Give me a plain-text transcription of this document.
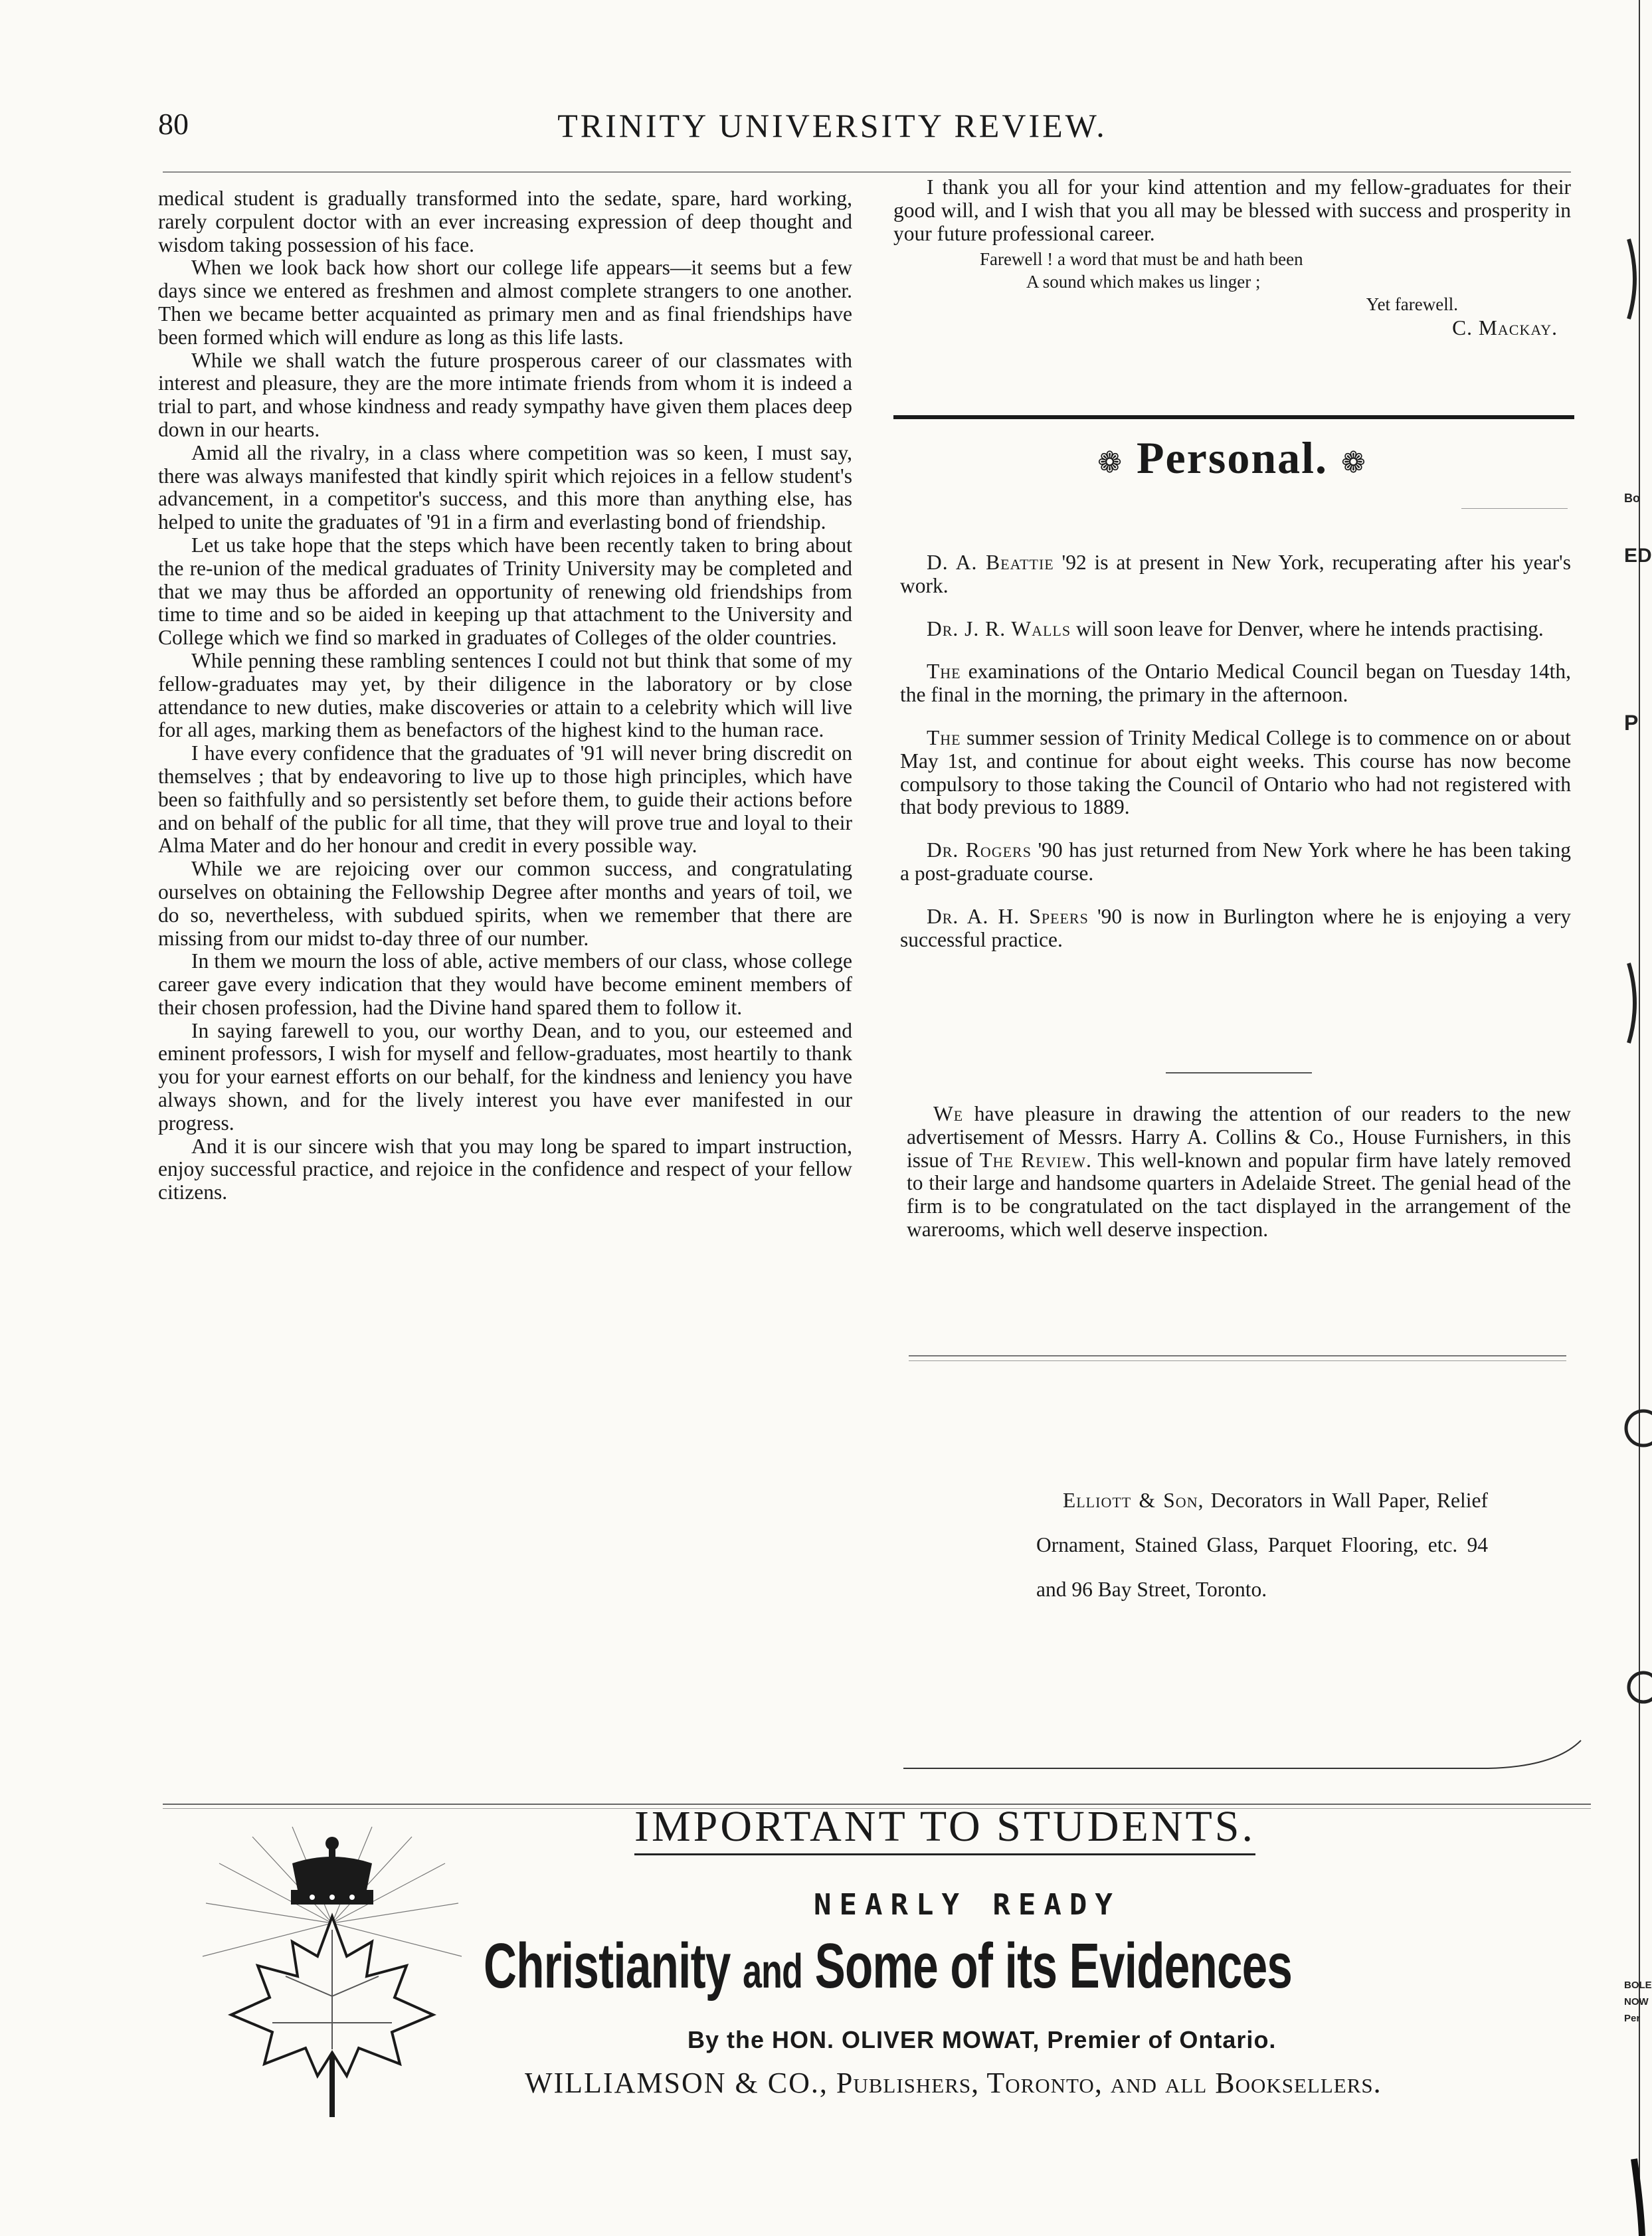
80	TRINITY UNIVERSITY REVIEW.

medical student is gradually transformed into the sedate, spare, hard working, rarely corpulent doctor with an ever increasing expression of deep thought and wisdom taking possession of his face.

When we look back how short our college life appears—it seems but a few days since we entered as freshmen and almost complete strangers to one another. Then we became better acquainted as primary men and as final friendships have been formed which will endure as long as this life lasts.

While we shall watch the future prosperous career of our classmates with interest and pleasure, they are the more intimate friends from whom it is indeed a trial to part, and whose kindness and ready sympathy have given them places deep down in our hearts.

Amid all the rivalry, in a class where competition was so keen, I must say, there was always manifested that kindly spirit which rejoices in a fellow student's advancement, in a competitor's success, and this more than anything else, has helped to unite the graduates of '91 in a firm and everlasting bond of friendship.

Let us take hope that the steps which have been recently taken to bring about the re-union of the medical graduates of Trinity University may be completed and that we may thus be afforded an opportunity of renewing old friendships from time to time and so be aided in keeping up that attachment to the University and College which we find so marked in graduates of Colleges of the older countries.

While penning these rambling sentences I could not but think that some of my fellow-graduates may yet, by their diligence in the laboratory or by close attendance to new duties, make discoveries or attain to a celebrity which will live for all ages, marking them as benefactors of the highest kind to the human race.

I have every confidence that the graduates of '91 will never bring discredit on themselves ; that by endeavoring to live up to those high principles, which have been so faithfully and so persistently set before them, to guide their actions before and on behalf of the public for all time, that they will prove true and loyal to their Alma Mater and do her honour and credit in every possible way.

While we are rejoicing over our common success, and congratulating ourselves on obtaining the Fellowship Degree after months and years of toil, we do so, nevertheless, with subdued spirits, when we remember that there are missing from our midst to-day three of our number.

In them we mourn the loss of able, active members of our class, whose college career gave every indication that they would have become eminent members of their chosen profession, had the Divine hand spared them to follow it.

In saying farewell to you, our worthy Dean, and to you, our esteemed and eminent professors, I wish for myself and fellow-graduates, most heartily to thank you for your earnest efforts on our behalf, for the kindness and leniency you have always shown, and for the lively interest you have ever manifested in our progress.

And it is our sincere wish that you may long be spared to impart instruction, enjoy successful practice, and rejoice in the confidence and respect of your fellow citizens.

I thank you all for your kind attention and my fellow-graduates for their good will, and I wish that you all may be blessed with success and prosperity in your future professional career.

Farewell ! a word that must be and hath been
A sound which makes us linger ;
Yet farewell.
C. Mackay.
❁ Personal. ❁

D. A. Beattie '92 is at present in New York, recuperating after his year's work.

Dr. J. R. Walls will soon leave for Denver, where he intends practising.

The examinations of the Ontario Medical Council began on Tuesday 14th, the final in the morning, the primary in the afternoon.

The summer session of Trinity Medical College is to commence on or about May 1st, and continue for about eight weeks. This course has now become compulsory to those taking the Council of Ontario who had not registered with that body previous to 1889.

Dr. Rogers '90 has just returned from New York where he has been taking a post-graduate course.

Dr. A. H. Speers '90 is now in Burlington where he is enjoying a very successful practice.

We have pleasure in drawing the attention of our readers to the new advertisement of Messrs. Harry A. Collins & Co., House Furnishers, in this issue of The Review. This well-known and popular firm have lately removed to their large and handsome quarters in Adelaide Street. The genial head of the firm is to be congratulated on the tact displayed in the arrangement of the warerooms, which well deserve inspection.

Elliott & Son, Decorators in Wall Paper, Relief Ornament, Stained Glass, Parquet Flooring, etc. 94 and 96 Bay Street, Toronto.

IMPORTANT TO STUDENTS.
NEARLY READY
Christianity and Some of its Evidences
By the HON. OLIVER MOWAT, Premier of Ontario.
WILLIAMSON & CO., Publishers, Toronto, and all Booksellers.
Bo
ED
P
BOLE
NOW
Per
